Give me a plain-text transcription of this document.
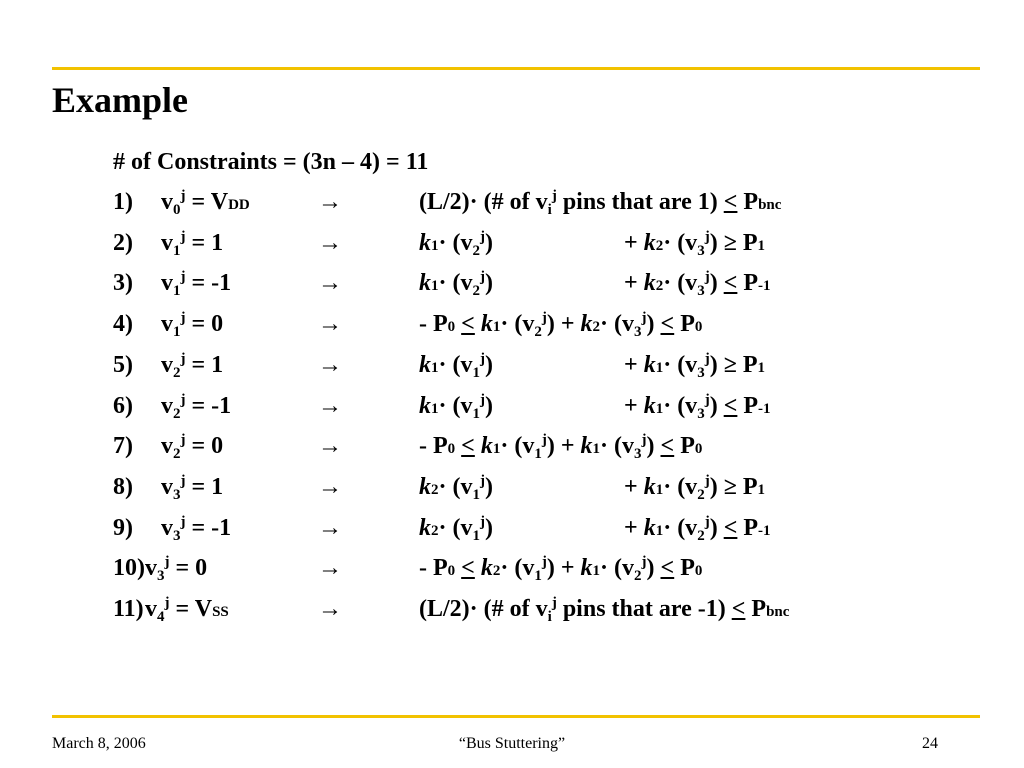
Example
# of Constraints = (3n – 4) = 11
1) $v_0^j$ = VDD	→	(L/2)· (# of $v_i^j$ pins that are 1) ≤ Pbnc
2) $v_1^j = 1$	→	$k1\cdot (v_2^j)$	+ $k2\cdot (v_3^j) \ge P1$
3) $v_1^j = -1$	→	$k1\cdot (v_2^j)$	+ $k2\cdot (v_3^j) < P-1$
4) $v_1^j = 0$	→	- $P0 \le k1\cdot (v_2^j) + k2\cdot (v_3^j) \le P0$
5) $v_2^j = 1$	→	$k1\cdot (v_1^j)$	+ $k1\cdot (v_3^j) \ge P1$
6) $v_2^j = -1$	→	$k1\cdot (v_1^j)$	+ $k1\cdot (v_3^j) < P-1$
7) $v_2^j = 0$	→	- $P0 \le k1\cdot (v_1^j) + k1\cdot (v_3^j) \le P0$
8) $v_3^j = 1$	→	$k2\cdot (v_1^j)$	+ $k1\cdot (v_2^j) \ge P1$
9) $v_3^j = -1$	→	$k2\cdot (v_1^j)$	+ $k1\cdot (v_2^j) < P-1$
10) $v_3^j = 0$	→	- $P0 \le k2\cdot (v_1^j) + k1\cdot (v_2^j) \le P0$
11) $v_4^j$ = VSS	→	(L/2)· (# of $v_i^j$ pins that are -1) ≤ Pbnc
March 8, 2006	“Bus Stuttering”	24
